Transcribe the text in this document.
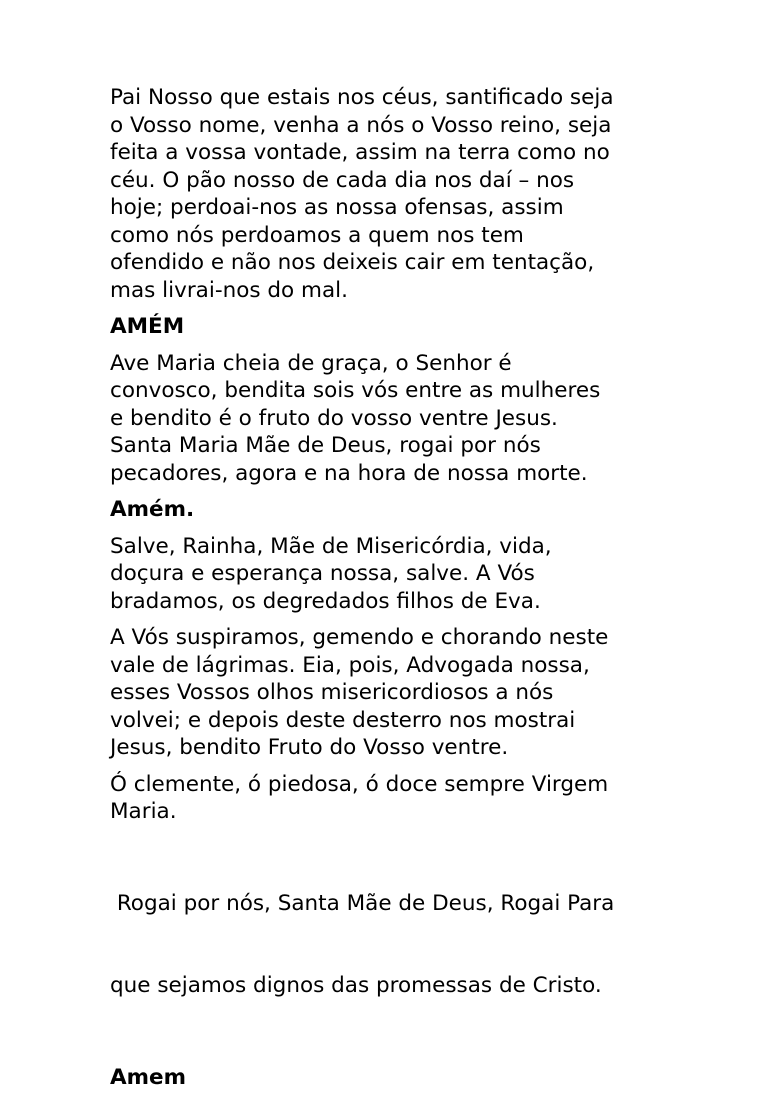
Pai Nosso que estais nos céus, santificado seja
o Vosso nome, venha a nós o Vosso reino, seja
feita a vossa vontade, assim na terra como no
céu. O pão nosso de cada dia nos daí – nos
hoje; perdoai-nos as nossa ofensas, assim
como nós perdoamos a quem nos tem
ofendido e não nos deixeis cair em tentação,
mas livrai-nos do mal.

AMÉM

Ave Maria cheia de graça, o Senhor é
convosco, bendita sois vós entre as mulheres
e bendito é o fruto do vosso ventre Jesus.
Santa Maria Mãe de Deus, rogai por nós
pecadores, agora e na hora de nossa morte.

Amém.

Salve, Rainha, Mãe de Misericórdia, vida,
doçura e esperança nossa, salve. A Vós
bradamos, os degredados filhos de Eva.

A Vós suspiramos, gemendo e chorando neste
vale de lágrimas. Eia, pois, Advogada nossa,
esses Vossos olhos misericordiosos a nós
volvei; e depois deste desterro nos mostrai
Jesus, bendito Fruto do Vosso ventre.

Ó clemente, ó piedosa, ó doce sempre Virgem
Maria.

Rogai por nós, Santa Mãe de Deus, Rogai Para

que sejamos dignos das promessas de Cristo.

Amem
